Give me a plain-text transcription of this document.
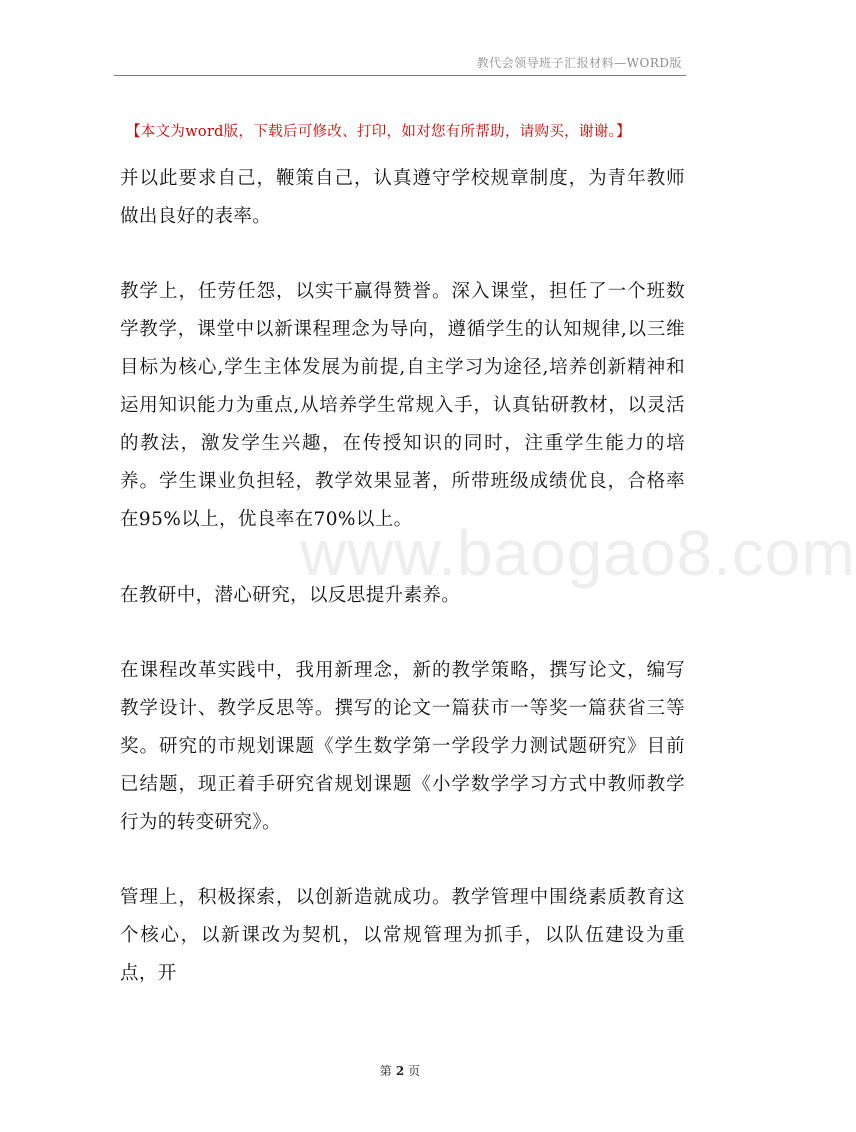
教代会领导班子汇报材料—WORD版
【本文为word版，下载后可修改、打印，如对您有所帮助，请购买，谢谢。】

并以此要求自己，鞭策自己，认真遵守学校规章制度，为青年教师做出良好的表率。

教学上，任劳任怨，以实干赢得赞誉。深入课堂，担任了一个班数学教学，课堂中以新课程理念为导向，遵循学生的认知规律,以三维目标为核心,学生主体发展为前提,自主学习为途径,培养创新精神和运用知识能力为重点,从培养学生常规入手，认真钻研教材，以灵活的教法，激发学生兴趣，在传授知识的同时，注重学生能力的培养。学生课业负担轻，教学效果显著，所带班级成绩优良，合格率在95%以上，优良率在70%以上。

在教研中，潜心研究，以反思提升素养。

在课程改革实践中，我用新理念，新的教学策略，撰写论文，编写教学设计、教学反思等。撰写的论文一篇获市一等奖一篇获省三等奖。研究的市规划课题《学生数学第一学段学力测试题研究》目前已结题，现正着手研究省规划课题《小学数学学习方式中教师教学行为的转变研究》。

管理上，积极探索，以创新造就成功。教学管理中围绕素质教育这个核心，以新课改为契机，以常规管理为抓手，以队伍建设为重点，开

www.baogao8.com
第 2 页
